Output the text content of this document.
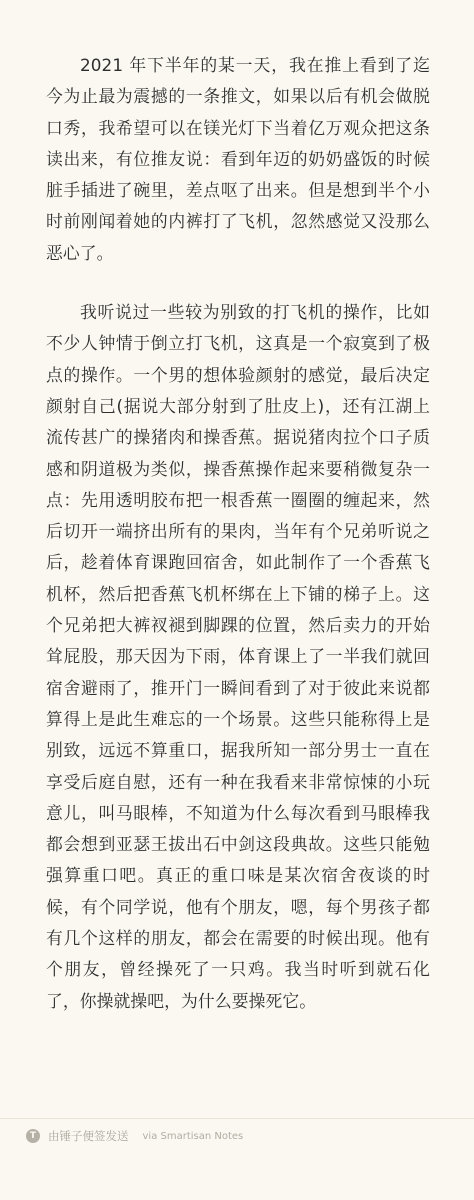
2021 年下半年的某一天，我在推上看到了迄今为止最为震撼的一条推文，如果以后有机会做脱口秀，我希望可以在镁光灯下当着亿万观众把这条读出来，有位推友说：看到年迈的奶奶盛饭的时候脏手插进了碗里，差点呕了出来。但是想到半个小时前刚闻着她的内裤打了飞机，忽然感觉又没那么恶心了。

我听说过一些较为别致的打飞机的操作，比如不少人钟情于倒立打飞机，这真是一个寂寞到了极点的操作。一个男的想体验颜射的感觉，最后决定颜射自己(据说大部分射到了肚皮上)，还有江湖上流传甚广的操猪肉和操香蕉。据说猪肉拉个口子质感和阴道极为类似，操香蕉操作起来要稍微复杂一点：先用透明胶布把一根香蕉一圈圈的缠起来，然后切开一端挤出所有的果肉，当年有个兄弟听说之后，趁着体育课跑回宿舍，如此制作了一个香蕉飞机杯，然后把香蕉飞机杯绑在上下铺的梯子上。这个兄弟把大裤衩褪到脚踝的位置，然后卖力的开始耸屁股，那天因为下雨，体育课上了一半我们就回宿舍避雨了，推开门一瞬间看到了对于彼此来说都算得上是此生难忘的一个场景。这些只能称得上是别致，远远不算重口，据我所知一部分男士一直在享受后庭自慰，还有一种在我看来非常惊悚的小玩意儿，叫马眼棒，不知道为什么每次看到马眼棒我都会想到亚瑟王拔出石中剑这段典故。这些只能勉强算重口吧。真正的重口味是某次宿舍夜谈的时候，有个同学说，他有个朋友，嗯，每个男孩子都有几个这样的朋友，都会在需要的时候出现。他有个朋友，曾经操死了一只鸡。我当时听到就石化了，你操就操吧，为什么要操死它。

T	由锤子便签发送 via Smartisan Notes
